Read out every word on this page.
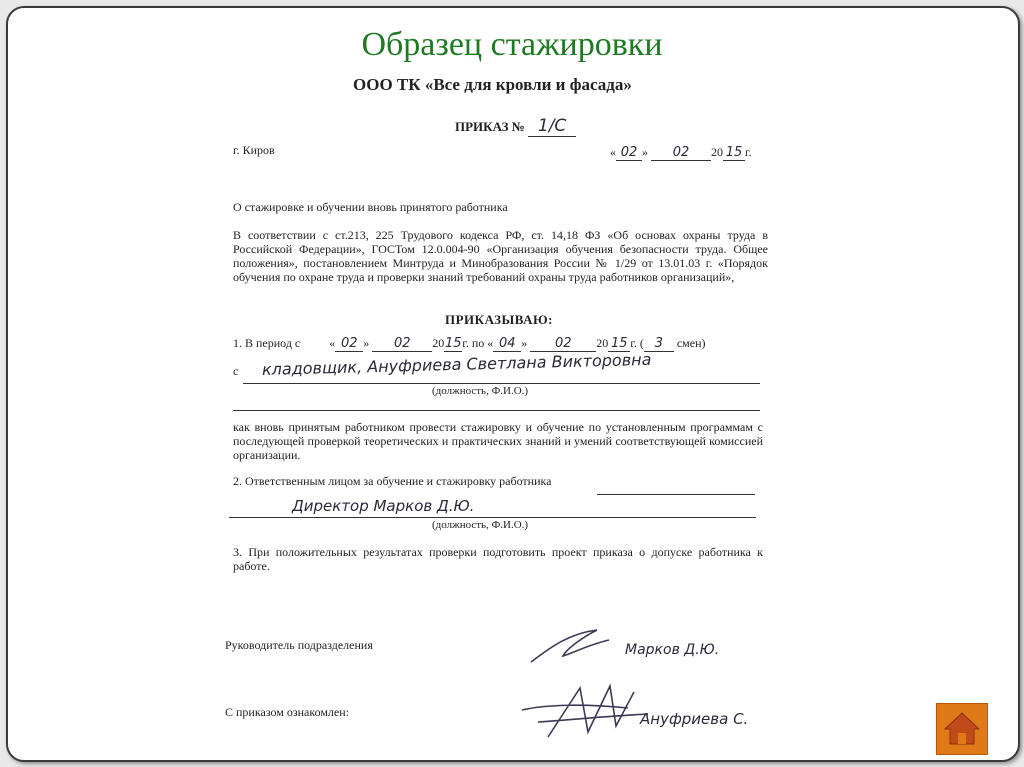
Образец стажировки
ООО ТК «Все для кровли и фасада»
ПРИКАЗ № 1/С
г. Киров	« 02 » 02 20 15 г.
О стажировке и обучении вновь принятого работника

В соответствии с ст.213, 225 Трудового кодекса РФ, ст. 14,18 ФЗ «Об основах охраны труда в Российской Федерации», ГОСТом 12.0.004-90 «Организация обучения безопасности труда. Общее положения», постановлением Минтруда и Минобразования России № 1/29 от 13.01.03 г. «Порядок обучения по охране труда и проверки знаний требований охраны труда работников организаций»,

ПРИКАЗЫВАЮ:
1. В период с « 02 » 02 2015г. по « 04 » 02 20 15 г. ( 3 смен)
с кладовщик, Ануфриева Светлана Викторовна
(должность, Ф.И.О.)

как вновь принятым работником провести стажировку и обучение по установленным программам с последующей проверкой теоретических и практических знаний и умений соответствующей комиссией организации.

2. Ответственным лицом за обучение и стажировку работника
Директор Марков Д.Ю.
(должность, Ф.И.О.)

3. При положительных результатах проверки подготовить проект приказа о допуске работника к работе.

Руководитель подразделения	Марков Д.Ю.
С приказом ознакомлен:	Ануфриева С.
